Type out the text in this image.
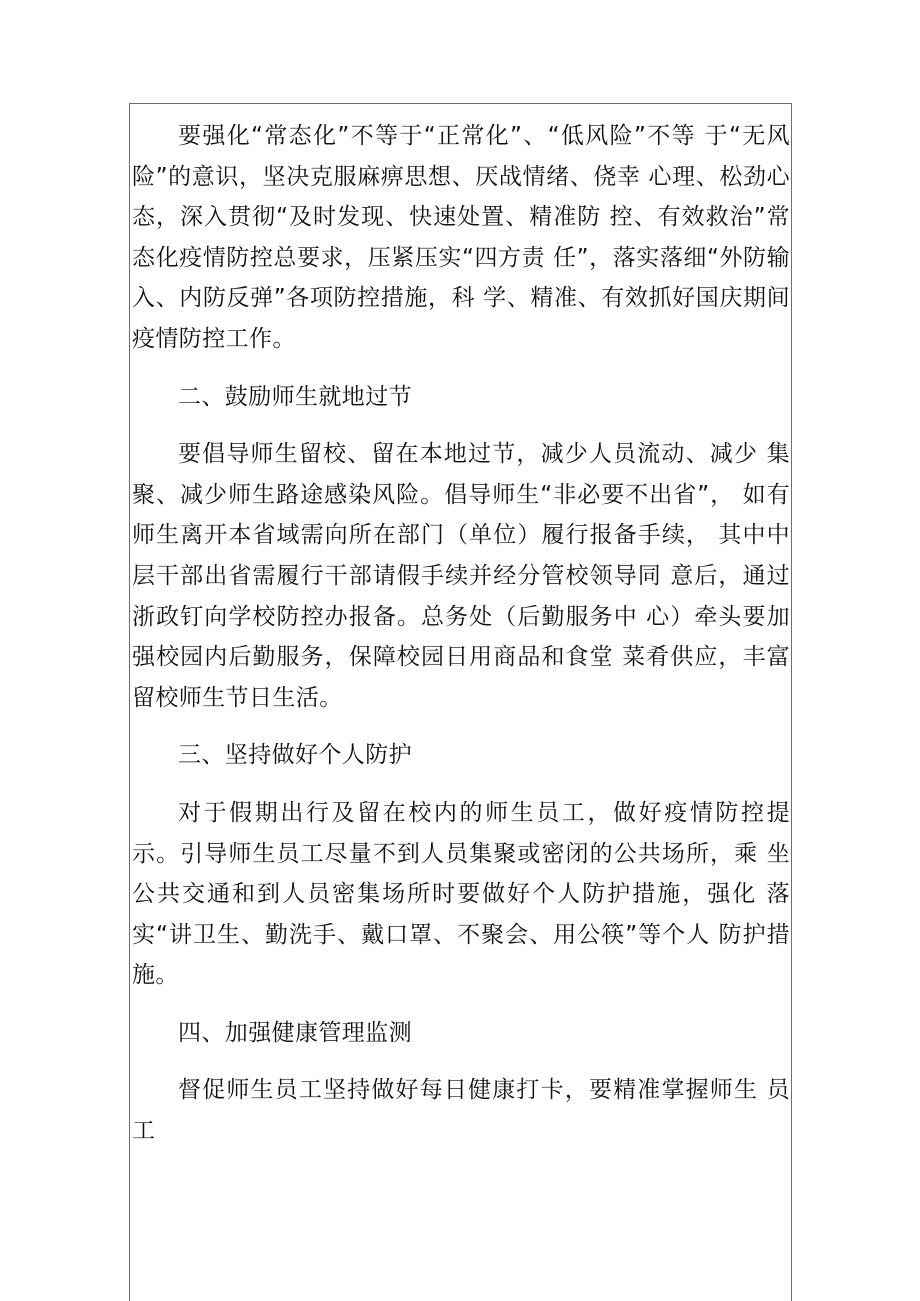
要强化“常态化”不等于“正常化”、“低风险”不等 于“无风险”的意识，坚决克服麻痹思想、厌战情绪、侥幸 心理、松劲心态，深入贯彻“及时发现、快速处置、精准防 控、有效救治”常态化疫情防控总要求，压紧压实“四方责 任”，落实落细“外防输入、内防反弹”各项防控措施，科 学、精准、有效抓好国庆期间疫情防控工作。

二、鼓励师生就地过节

要倡导师生留校、留在本地过节，减少人员流动、减少 集聚、减少师生路途感染风险。倡导师生“非必要不出省”， 如有师生离开本省域需向所在部门（单位）履行报备手续， 其中中层干部出省需履行干部请假手续并经分管校领导同 意后，通过浙政钉向学校防控办报备。总务处（后勤服务中 心）牵头要加强校园内后勤服务，保障校园日用商品和食堂 菜肴供应，丰富留校师生节日生活。

三、坚持做好个人防护

对于假期出行及留在校内的师生员工，做好疫情防控提 示。引导师生员工尽量不到人员集聚或密闭的公共场所，乘 坐公共交通和到人员密集场所时要做好个人防护措施，强化 落实“讲卫生、勤洗手、戴口罩、不聚会、用公筷”等个人 防护措施。

四、加强健康管理监测

督促师生员工坚持做好每日健康打卡，要精准掌握师生 员工
